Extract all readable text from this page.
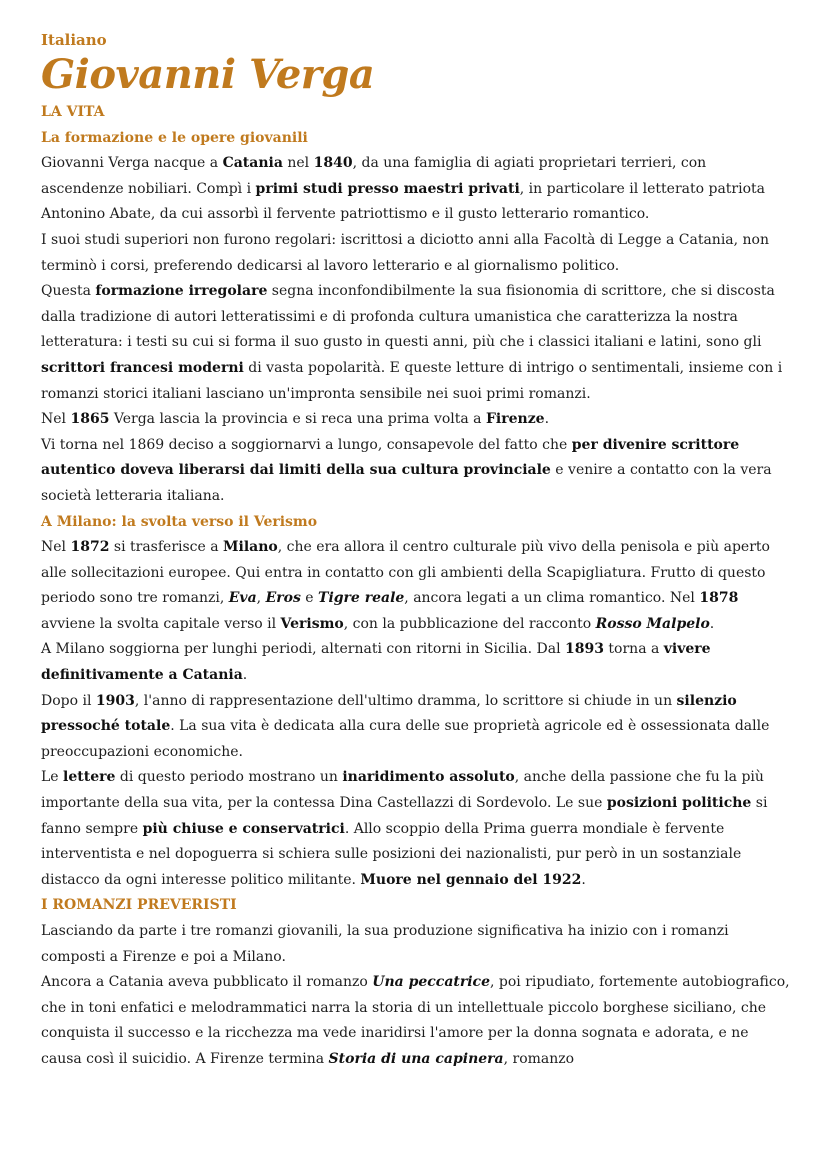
Italiano
Giovanni Verga
LA VITA
La formazione e le opere giovanili

Giovanni Verga nacque a Catania nel 1840, da una famiglia di agiati proprietari terrieri, con ascendenze nobiliari. Compì i primi studi presso maestri privati, in particolare il letterato patriota Antonino Abate, da cui assorbì il fervente patriottismo e il gusto letterario romantico.

I suoi studi superiori non furono regolari: iscrittosi a diciotto anni alla Facoltà di Legge a Catania, non terminò i corsi, preferendo dedicarsi al lavoro letterario e al giornalismo politico.

Questa formazione irregolare segna inconfondibilmente la sua fisionomia di scrittore, che si discosta dalla tradizione di autori letteratissimi e di profonda cultura umanistica che caratterizza la nostra letteratura: i testi su cui si forma il suo gusto in questi anni, più che i classici italiani e latini, sono gli scrittori francesi moderni di vasta popolarità. E queste letture di intrigo o sentimentali, insieme con i romanzi storici italiani lasciano un'impronta sensibile nei suoi primi romanzi.

Nel 1865 Verga lascia la provincia e si reca una prima volta a Firenze.

Vi torna nel 1869 deciso a soggiornarvi a lungo, consapevole del fatto che per divenire scrittore autentico doveva liberarsi dai limiti della sua cultura provinciale e venire a contatto con la vera società letteraria italiana.

A Milano: la svolta verso il Verismo

Nel 1872 si trasferisce a Milano, che era allora il centro culturale più vivo della penisola e più aperto alle sollecitazioni europee. Qui entra in contatto con gli ambienti della Scapigliatura. Frutto di questo periodo sono tre romanzi, Eva, Eros e Tigre reale, ancora legati a un clima romantico. Nel 1878 avviene la svolta capitale verso il Verismo, con la pubblicazione del racconto Rosso Malpelo.

A Milano soggiorna per lunghi periodi, alternati con ritorni in Sicilia. Dal 1893 torna a vivere definitivamente a Catania.

Dopo il 1903, l'anno di rappresentazione dell'ultimo dramma, lo scrittore si chiude in un silenzio pressoché totale. La sua vita è dedicata alla cura delle sue proprietà agricole ed è ossessionata dalle preoccupazioni economiche.

Le lettere di questo periodo mostrano un inaridimento assoluto, anche della passione che fu la più importante della sua vita, per la contessa Dina Castellazzi di Sordevolo. Le sue posizioni politiche si fanno sempre più chiuse e conservatrici. Allo scoppio della Prima guerra mondiale è fervente interventista e nel dopoguerra si schiera sulle posizioni dei nazionalisti, pur però in un sostanziale distacco da ogni interesse politico militante. Muore nel gennaio del 1922.

I ROMANZI PREVERISTI

Lasciando da parte i tre romanzi giovanili, la sua produzione significativa ha inizio con i romanzi composti a Firenze e poi a Milano.

Ancora a Catania aveva pubblicato il romanzo Una peccatrice, poi ripudiato, fortemente autobiografico, che in toni enfatici e melodrammatici narra la storia di un intellettuale piccolo borghese siciliano, che conquista il successo e la ricchezza ma vede inaridirsi l'amore per la donna sognata e adorata, e ne causa così il suicidio. A Firenze termina Storia di una capinera, romanzo
